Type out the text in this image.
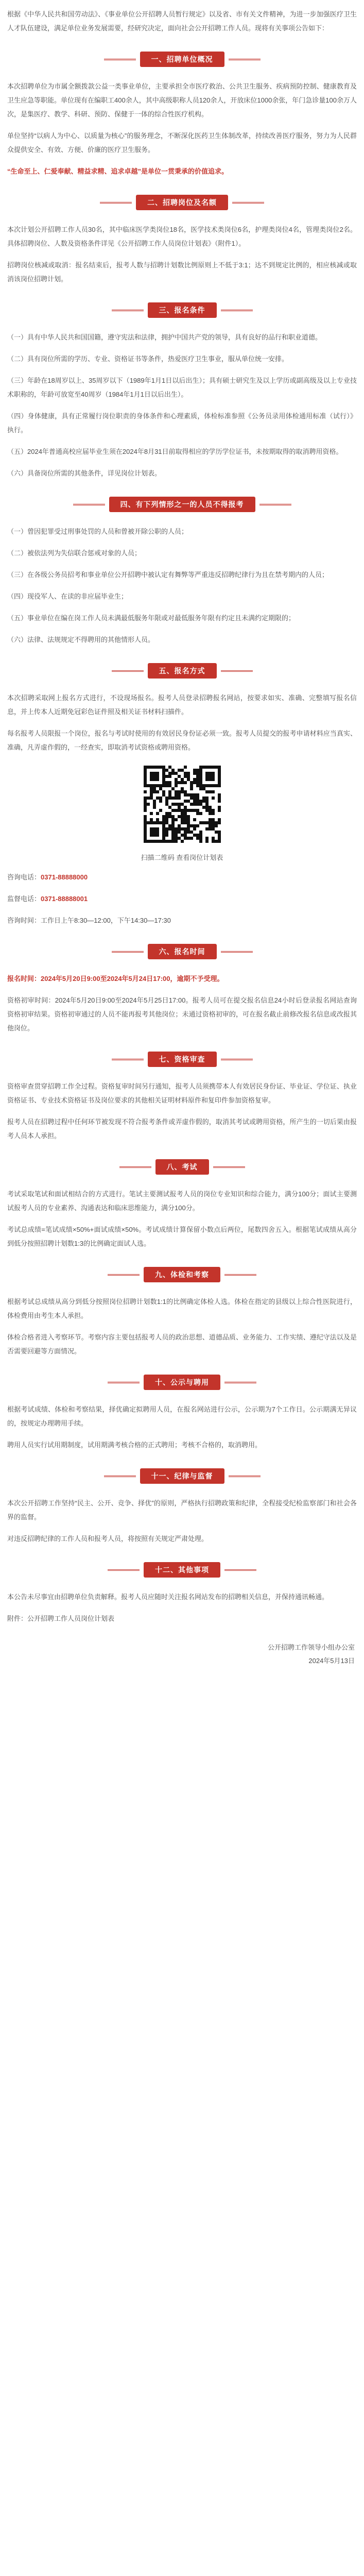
根据《中华人民共和国劳动法》、《事业单位公开招聘人员暂行规定》以及省、市有关文件精神，为进一步加强医疗卫生人才队伍建设，满足单位业务发展需要，经研究决定，面向社会公开招聘工作人员。现将有关事项公告如下：

一、招聘单位概况

本次招聘单位为市属全额拨款公益一类事业单位，主要承担全市医疗救治、公共卫生服务、疾病预防控制、健康教育及卫生应急等职能。单位现有在编职工400余人，其中高级职称人员120余人，开放床位1000余张，年门急诊量100余万人次，是集医疗、教学、科研、预防、保健于一体的综合性医疗机构。

单位坚持“以病人为中心、以质量为核心”的服务理念，不断深化医药卫生体制改革，持续改善医疗服务，努力为人民群众提供安全、有效、方便、价廉的医疗卫生服务。

“生命至上、仁爱奉献、精益求精、追求卓越”是单位一贯秉承的价值追求。

二、招聘岗位及名额

本次计划公开招聘工作人员30名，其中临床医学类岗位18名，医学技术类岗位6名，护理类岗位4名，管理类岗位2名。具体招聘岗位、人数及资格条件详见《公开招聘工作人员岗位计划表》（附件1）。

招聘岗位核减或取消：报名结束后，报考人数与招聘计划数比例原则上不低于3:1；达不到规定比例的，相应核减或取消该岗位招聘计划。

三、报名条件

（一）具有中华人民共和国国籍，遵守宪法和法律，拥护中国共产党的领导，具有良好的品行和职业道德。

（二）具有岗位所需的学历、专业、资格证书等条件，热爱医疗卫生事业，服从单位统一安排。

（三）年龄在18周岁以上、35周岁以下（1989年1月1日以后出生）；具有硕士研究生及以上学历或副高级及以上专业技术职称的，年龄可放宽至40周岁（1984年1月1日以后出生）。

（四）身体健康，具有正常履行岗位职责的身体条件和心理素质，体检标准参照《公务员录用体检通用标准（试行）》执行。

（五）2024年普通高校应届毕业生须在2024年8月31日前取得相应的学历学位证书，未按期取得的取消聘用资格。

（六）具备岗位所需的其他条件，详见岗位计划表。

四、有下列情形之一的人员不得报考

（一）曾因犯罪受过刑事处罚的人员和曾被开除公职的人员；

（二）被依法列为失信联合惩戒对象的人员；

（三）在各级公务员招考和事业单位公开招聘中被认定有舞弊等严重违反招聘纪律行为且在禁考期内的人员；

（四）现役军人、在读的非应届毕业生；

（五）事业单位在编在岗工作人员未满最低服务年限或对最低服务年限有约定且未满约定期限的；

（六）法律、法规规定不得聘用的其他情形人员。

五、报名方式

本次招聘采取网上报名方式进行，不设现场报名。报考人员登录招聘报名网站，按要求如实、准确、完整填写报名信息，并上传本人近期免冠彩色证件照及相关证书材料扫描件。

每名报考人员限报一个岗位，报名与考试时使用的有效居民身份证必须一致。报考人员提交的报考申请材料应当真实、准确，凡弄虚作假的，一经查实，即取消考试资格或聘用资格。

扫描二维码 查看岗位计划表

咨询电话：0371-88888000

监督电话：0371-88888001

咨询时间：工作日上午8:30—12:00，下午14:30—17:30

六、报名时间

报名时间：2024年5月20日9:00至2024年5月24日17:00，逾期不予受理。

资格初审时间：2024年5月20日9:00至2024年5月25日17:00。报考人员可在提交报名信息24小时后登录报名网站查询资格初审结果。资格初审通过的人员不能再报考其他岗位；未通过资格初审的，可在报名截止前修改报名信息或改报其他岗位。

七、资格审查

资格审查贯穿招聘工作全过程。资格复审时间另行通知，报考人员须携带本人有效居民身份证、毕业证、学位证、执业资格证书、专业技术资格证书及岗位要求的其他相关证明材料原件和复印件参加资格复审。

报考人员在招聘过程中任何环节被发现不符合报考条件或弄虚作假的，取消其考试或聘用资格，所产生的一切后果由报考人员本人承担。

八、考试

考试采取笔试和面试相结合的方式进行。笔试主要测试报考人员的岗位专业知识和综合能力，满分100分；面试主要测试报考人员的专业素养、沟通表达和临床思维能力，满分100分。

考试总成绩=笔试成绩×50%+面试成绩×50%。考试成绩计算保留小数点后两位，尾数四舍五入。根据笔试成绩从高分到低分按照招聘计划数1:3的比例确定面试人选。

九、体检和考察

根据考试总成绩从高分到低分按照岗位招聘计划数1:1的比例确定体检人选。体检在指定的县级以上综合性医院进行，体检费用由考生本人承担。

体检合格者进入考察环节。考察内容主要包括报考人员的政治思想、道德品质、业务能力、工作实绩、遵纪守法以及是否需要回避等方面情况。

十、公示与聘用

根据考试成绩、体检和考察结果，择优确定拟聘用人员，在报名网站进行公示，公示期为7个工作日。公示期满无异议的，按规定办理聘用手续。

聘用人员实行试用期制度，试用期满考核合格的正式聘用；考核不合格的，取消聘用。

十一、纪律与监督

本次公开招聘工作坚持“民主、公开、竞争、择优”的原则，严格执行招聘政策和纪律，全程接受纪检监察部门和社会各界的监督。

对违反招聘纪律的工作人员和报考人员，将按照有关规定严肃处理。

十二、其他事项

本公告未尽事宜由招聘单位负责解释。报考人员应随时关注报名网站发布的招聘相关信息，并保持通讯畅通。

附件：公开招聘工作人员岗位计划表

公开招聘工作领导小组办公室
2024年5月13日
